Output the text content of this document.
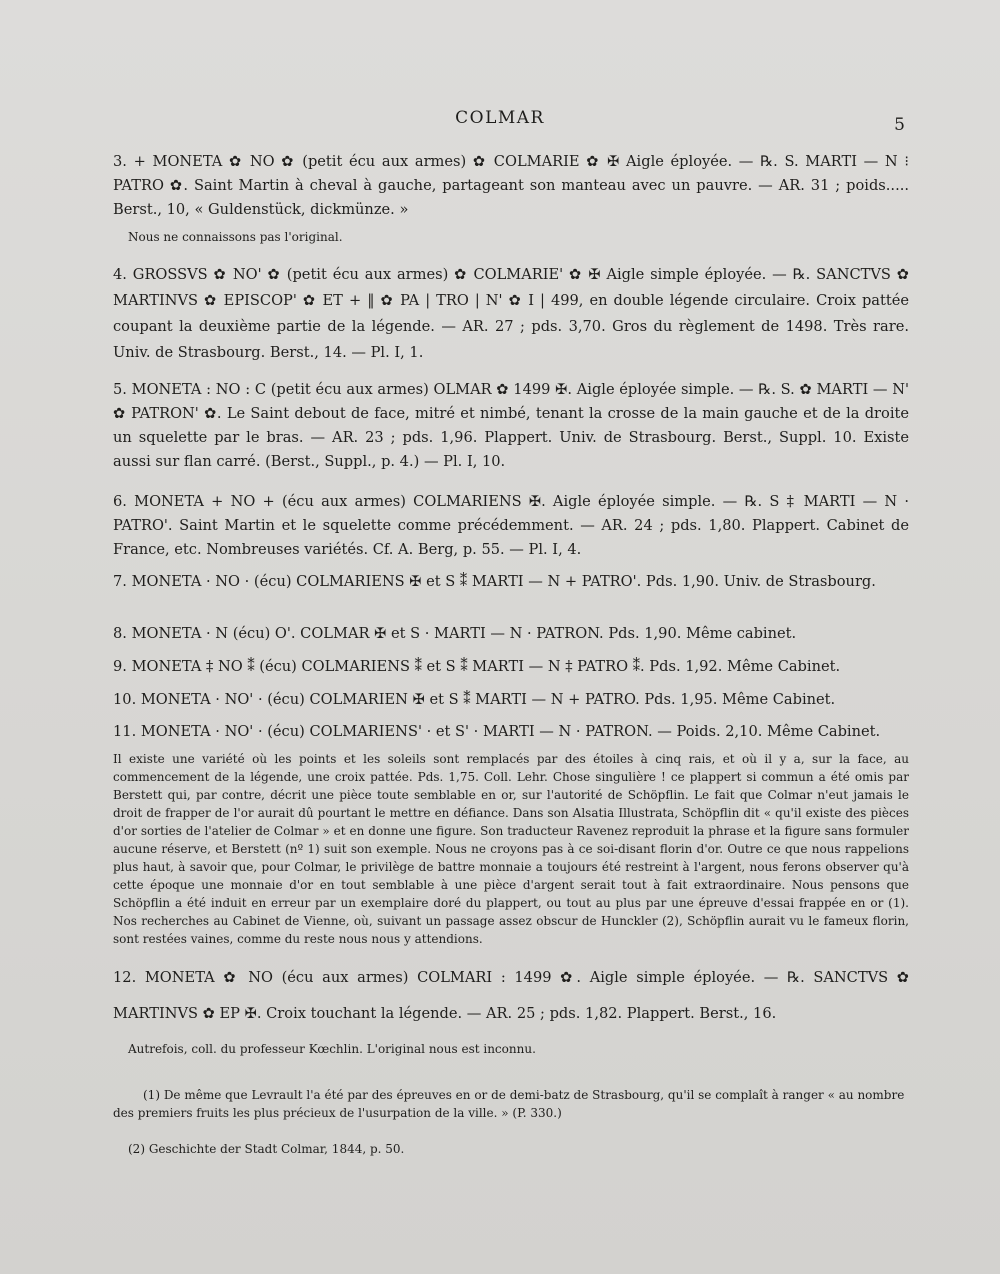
COLMAR	5
3. + MONETA ✿ NO ✿ (petit écu aux armes) ✿ COLMARIE ✿ ✠ Aigle éployée. — ℞. S. MARTI — N ⁝ PATRO ✿. Saint Martin à cheval à gauche, partageant son manteau avec un pauvre. — AR. 31 ; poids..... Berst., 10, « Guldenstück, dickmünze. »
Nous ne connaissons pas l'original.
4. GROSSVS ✿ NO' ✿ (petit écu aux armes) ✿ COLMARIE' ✿ ✠ Aigle simple éployée. — ℞. SANCTVS ✿ MARTINVS ✿ EPISCOP' ✿ ET + ‖ ✿ PA | TRO | N' ✿ I | 499, en double légende circulaire. Croix pattée coupant la deuxième partie de la légende. — AR. 27 ; pds. 3,70. Gros du règlement de 1498. Très rare. Univ. de Strasbourg. Berst., 14. — Pl. I, 1.
5. MONETA : NO : C (petit écu aux armes) OLMAR ✿ 1499 ✠. Aigle éployée simple. — ℞. S. ✿ MARTI — N' ✿ PATRON' ✿. Le Saint debout de face, mitré et nimbé, tenant la crosse de la main gauche et de la droite un squelette par le bras. — AR. 23 ; pds. 1,96. Plappert. Univ. de Strasbourg. Berst., Suppl. 10. Existe aussi sur flan carré. (Berst., Suppl., p. 4.) — Pl. I, 10.
6. MONETA + NO + (écu aux armes) COLMARIENS ✠. Aigle éployée simple. — ℞. S ‡ MARTI — N · PATRO'. Saint Martin et le squelette comme précédemment. — AR. 24 ; pds. 1,80. Plappert. Cabinet de France, etc. Nombreuses variétés. Cf. A. Berg, p. 55. — Pl. I, 4.
7. MONETA · NO · (écu) COLMARIENS ✠ et S ⁑ MARTI — N + PATRO'. Pds. 1,90. Univ. de Strasbourg.
8. MONETA · N (écu) O'. COLMAR ✠ et S · MARTI — N · PATRON. Pds. 1,90. Même cabinet.
9. MONETA ‡ NO ⁑ (écu) COLMARIENS ⁑ et S ⁑ MARTI — N ‡ PATRO ⁑. Pds. 1,92. Même Cabinet.
10. MONETA · NO' · (écu) COLMARIEN ✠ et S ⁑ MARTI — N + PATRO. Pds. 1,95. Même Cabinet.
11. MONETA · NO' · (écu) COLMARIENS' · et S' · MARTI — N · PATRON. — Poids. 2,10. Même Cabinet.
Il existe une variété où les points et les soleils sont remplacés par des étoiles à cinq rais, et où il y a, sur la face, au commencement de la légende, une croix pattée. Pds. 1,75. Coll. Lehr. Chose singulière ! ce plappert si commun a été omis par Berstett qui, par contre, décrit une pièce toute semblable en or, sur l'autorité de Schöpflin. Le fait que Colmar n'eut jamais le droit de frapper de l'or aurait dû pourtant le mettre en défiance. Dans son Alsatia Illustrata, Schöpflin dit « qu'il existe des pièces d'or sorties de l'atelier de Colmar » et en donne une figure. Son traducteur Ravenez reproduit la phrase et la figure sans formuler aucune réserve, et Berstett (nº 1) suit son exemple. Nous ne croyons pas à ce soi-disant florin d'or. Outre ce que nous rappelions plus haut, à savoir que, pour Colmar, le privilège de battre monnaie a toujours été restreint à l'argent, nous ferons observer qu'à cette époque une monnaie d'or en tout semblable à une pièce d'argent serait tout à fait extraordinaire. Nous pensons que Schöpflin a été induit en erreur par un exemplaire doré du plappert, ou tout au plus par une épreuve d'essai frappée en or (1). Nos recherches au Cabinet de Vienne, où, suivant un passage assez obscur de Hunckler (2), Schöpflin aurait vu le fameux florin, sont restées vaines, comme du reste nous nous y attendions.
12. MONETA ✿ NO (écu aux armes) COLMARI : 1499 ✿. Aigle simple éployée. — ℞. SANCTVS ✿ MARTINVS ✿ EP ✠. Croix touchant la légende. — AR. 25 ; pds. 1,82. Plappert. Berst., 16.
Autrefois, coll. du professeur Kœchlin. L'original nous est inconnu.
(1) De même que Levrault l'a été par des épreuves en or de demi-batz de Strasbourg, qu'il se complaît à ranger « au nombre des premiers fruits les plus précieux de l'usurpation de la ville. » (P. 330.)
(2) Geschichte der Stadt Colmar, 1844, p. 50.
